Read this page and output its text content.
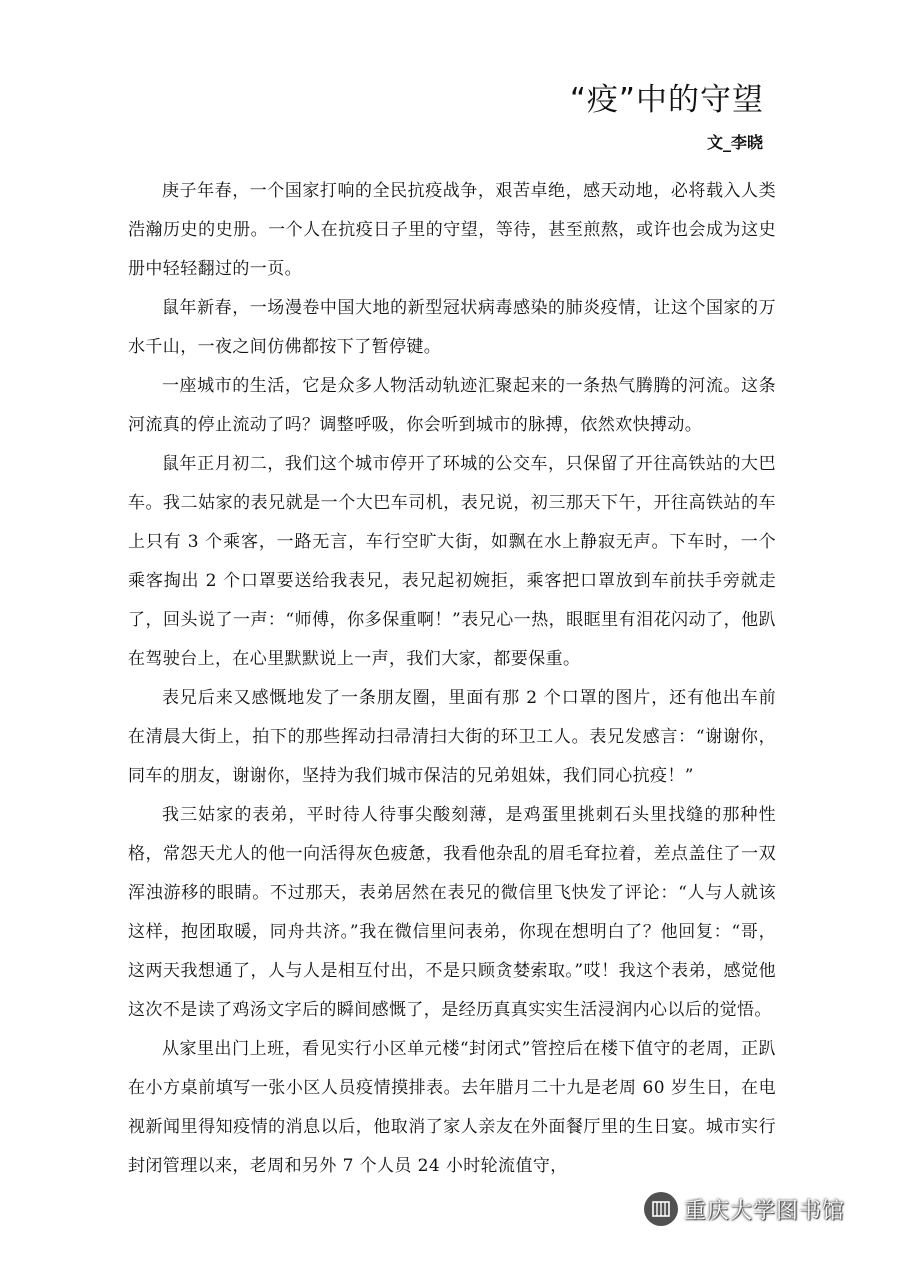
“疫”中的守望
文_李晓

庚子年春，一个国家打响的全民抗疫战争，艰苦卓绝，感天动地，必将载入人类浩瀚历史的史册。一个人在抗疫日子里的守望，等待，甚至煎熬，或许也会成为这史册中轻轻翻过的一页。

鼠年新春，一场漫卷中国大地的新型冠状病毒感染的肺炎疫情，让这个国家的万水千山，一夜之间仿佛都按下了暂停键。

一座城市的生活，它是众多人物活动轨迹汇聚起来的一条热气腾腾的河流。这条河流真的停止流动了吗？调整呼吸，你会听到城市的脉搏，依然欢快搏动。

鼠年正月初二，我们这个城市停开了环城的公交车，只保留了开往高铁站的大巴车。我二姑家的表兄就是一个大巴车司机，表兄说，初三那天下午，开往高铁站的车上只有 3 个乘客，一路无言，车行空旷大街，如飘在水上静寂无声。下车时，一个乘客掏出 2 个口罩要送给我表兄，表兄起初婉拒，乘客把口罩放到车前扶手旁就走了，回头说了一声：“师傅，你多保重啊！”表兄心一热，眼眶里有泪花闪动了，他趴在驾驶台上，在心里默默说上一声，我们大家，都要保重。

表兄后来又感慨地发了一条朋友圈，里面有那 2 个口罩的图片，还有他出车前在清晨大街上，拍下的那些挥动扫帚清扫大街的环卫工人。表兄发感言：“谢谢你，同车的朋友，谢谢你，坚持为我们城市保洁的兄弟姐妹，我们同心抗疫！”

我三姑家的表弟，平时待人待事尖酸刻薄，是鸡蛋里挑刺石头里找缝的那种性格，常怨天尤人的他一向活得灰色疲惫，我看他杂乱的眉毛耷拉着，差点盖住了一双浑浊游移的眼睛。不过那天，表弟居然在表兄的微信里飞快发了评论：“人与人就该这样，抱团取暖，同舟共济。”我在微信里问表弟，你现在想明白了？他回复：“哥，这两天我想通了，人与人是相互付出，不是只顾贪婪索取。”哎！我这个表弟，感觉他这次不是读了鸡汤文字后的瞬间感慨了，是经历真真实实生活浸润内心以后的觉悟。

从家里出门上班，看见实行小区单元楼“封闭式”管控后在楼下值守的老周，正趴在小方桌前填写一张小区人员疫情摸排表。去年腊月二十九是老周 60 岁生日，在电视新闻里得知疫情的消息以后，他取消了家人亲友在外面餐厅里的生日宴。城市实行封闭管理以来，老周和另外 7 个人员 24 小时轮流值守，

重庆大学图书馆
